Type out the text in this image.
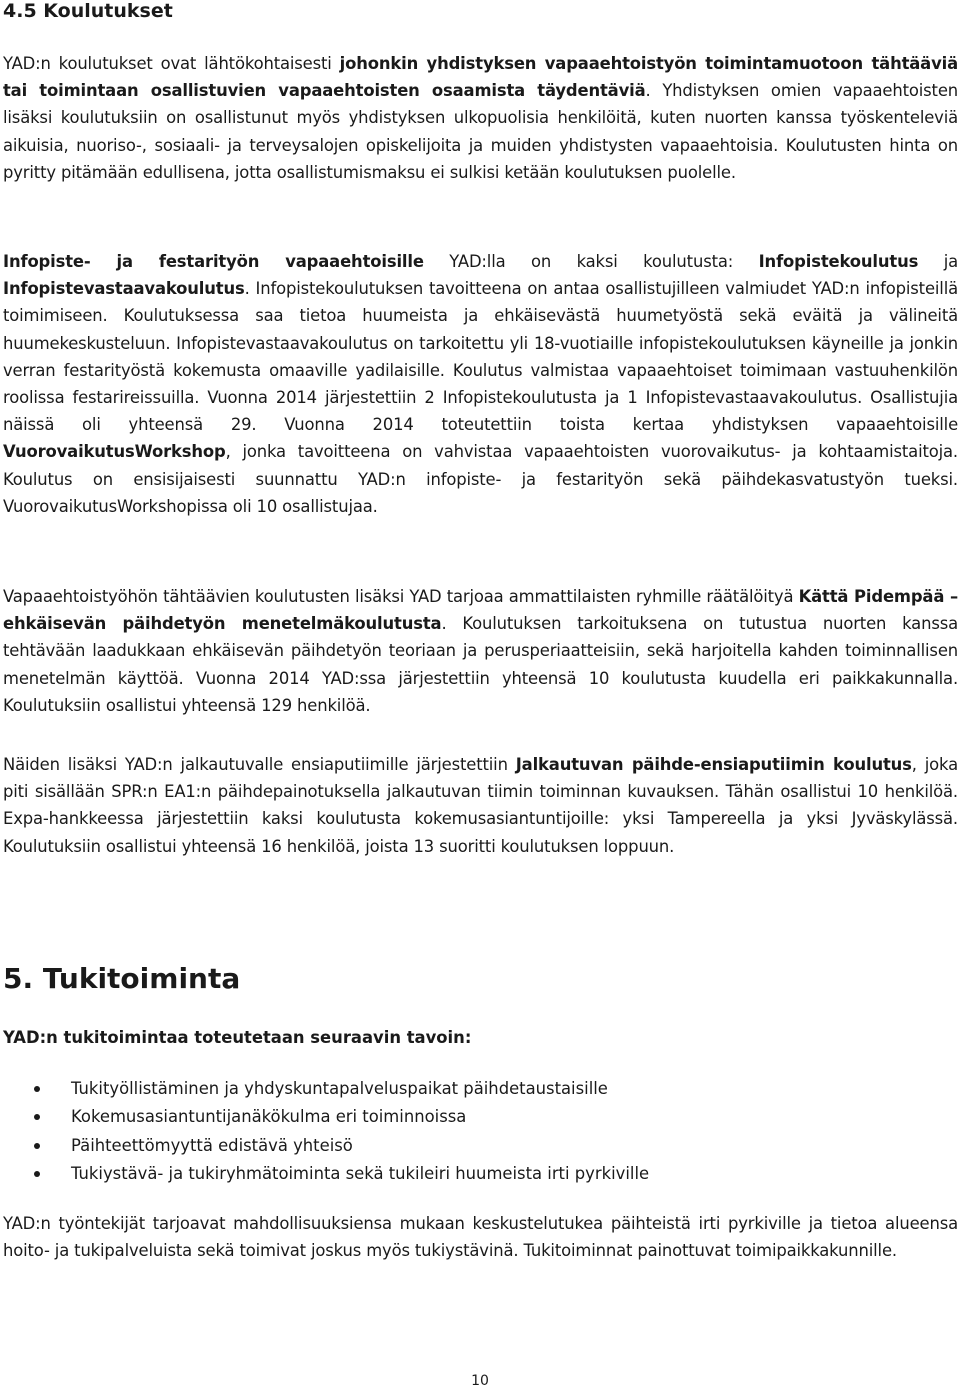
4.5 Koulutukset

YAD:n koulutukset ovat lähtökohtaisesti johonkin yhdistyksen vapaaehtoistyön toimintamuotoon tähtääviä tai toimintaan osallistuvien vapaaehtoisten osaamista täydentäviä. Yhdistyksen omien vapaaehtoisten lisäksi koulutuksiin on osallistunut myös yhdistyksen ulkopuolisia henkilöitä, kuten nuorten kanssa työskenteleviä aikuisia, nuoriso-, sosiaali- ja terveysalojen opiskelijoita ja muiden yhdistysten vapaaehtoisia. Koulutusten hinta on pyritty pitämään edullisena, jotta osallistumismaksu ei sulkisi ketään koulutuksen puolelle.

Infopiste- ja festarityön vapaaehtoisille YAD:lla on kaksi koulutusta: Infopistekoulutus ja Infopistevastaavakoulutus. Infopistekoulutuksen tavoitteena on antaa osallistujilleen valmiudet YAD:n infopisteillä toimimiseen. Koulutuksessa saa tietoa huumeista ja ehkäisevästä huumetyöstä sekä eväitä ja välineitä huumekeskusteluun. Infopistevastaavakoulutus on tarkoitettu yli 18-vuotiaille infopistekoulutuksen käyneille ja jonkin verran festarityöstä kokemusta omaaville yadilaisille. Koulutus valmistaa vapaaehtoiset toimimaan vastuuhenkilön roolissa festarireissuilla. Vuonna 2014 järjestettiin 2 Infopistekoulutusta ja 1 Infopistevastaavakoulutus. Osallistujia näissä oli yhteensä 29. Vuonna 2014 toteutettiin toista kertaa yhdistyksen vapaaehtoisille VuorovaikutusWorkshop, jonka tavoitteena on vahvistaa vapaaehtoisten vuorovaikutus- ja kohtaamistaitoja. Koulutus on ensisijaisesti suunnattu YAD:n infopiste- ja festarityön sekä päihdekasvatustyön tueksi. VuorovaikutusWorkshopissa oli 10 osallistujaa.

Vapaaehtoistyöhön tähtäävien koulutusten lisäksi YAD tarjoaa ammattilaisten ryhmille räätälöityä Kättä Pidempää – ehkäisevän päihdetyön menetelmäkoulutusta. Koulutuksen tarkoituksena on tutustua nuorten kanssa tehtävään laadukkaan ehkäisevän päihdetyön teoriaan ja perusperiaatteisiin, sekä harjoitella kahden toiminnallisen menetelmän käyttöä. Vuonna 2014 YAD:ssa järjestettiin yhteensä 10 koulutusta kuudella eri paikkakunnalla. Koulutuksiin osallistui yhteensä 129 henkilöä.

Näiden lisäksi YAD:n jalkautuvalle ensiaputiimille järjestettiin Jalkautuvan päihde-ensiaputiimin koulutus, joka piti sisällään SPR:n EA1:n päihdepainotuksella jalkautuvan tiimin toiminnan kuvauksen. Tähän osallistui 10 henkilöä. Expa-hankkeessa järjestettiin kaksi koulutusta kokemusasiantuntijoille: yksi Tampereella ja yksi Jyväskylässä. Koulutuksiin osallistui yhteensä 16 henkilöä, joista 13 suoritti koulutuksen loppuun.

5. Tukitoiminta
YAD:n tukitoimintaa toteutetaan seuraavin tavoin:
Tukityöllistäminen ja yhdyskuntapalveluspaikat päihdetaustaisille
Kokemusasiantuntijanäkökulma eri toiminnoissa
Päihteettömyyttä edistävä yhteisö
Tukiystävä- ja tukiryhmätoiminta sekä tukileiri huumeista irti pyrkiville

YAD:n työntekijät tarjoavat mahdollisuuksiensa mukaan keskustelutukea päihteistä irti pyrkiville ja tietoa alueensa hoito- ja tukipalveluista sekä toimivat joskus myös tukiystävinä. Tukitoiminnat painottuvat toimipaikkakunnille.

10
